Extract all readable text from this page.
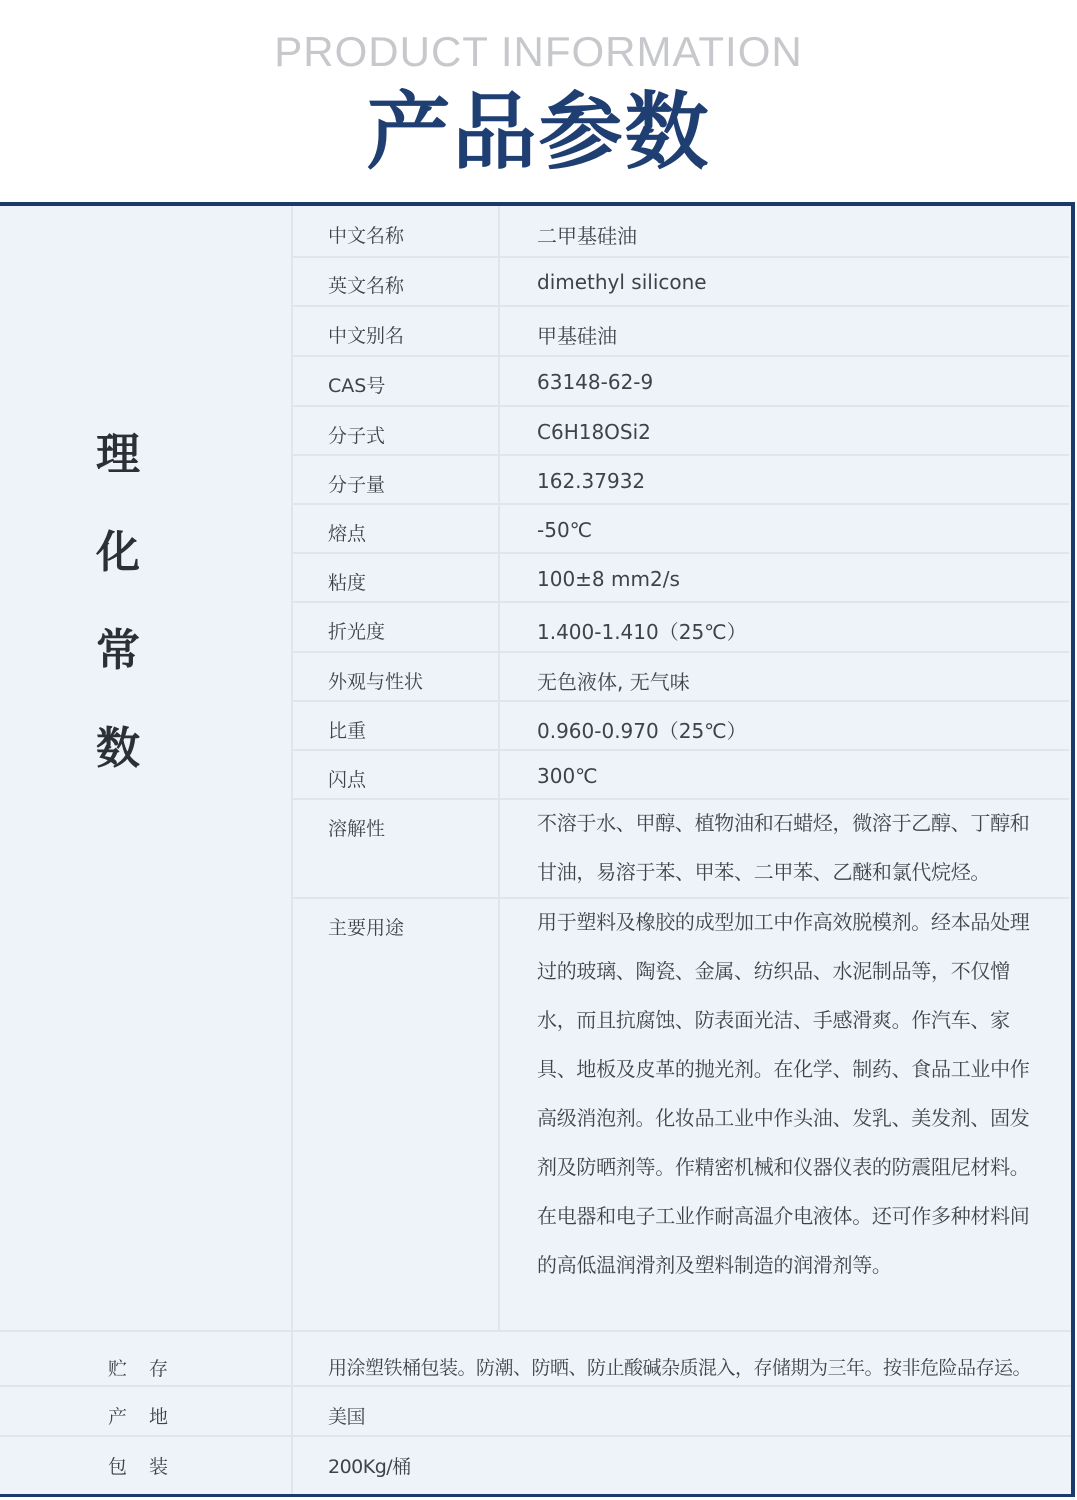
PRODUCT INFORMATION
产品参数
理
化
常
数
中文名称	二甲基硅油
英文名称	dimethyl silicone
中文别名	甲基硅油
CAS号	63148-62-9
分子式	C6H18OSi2
分子量	162.37932
熔点	-50℃
粘度	100±8 mm2/s
折光度	1.400-1.410（25℃）
外观与性状	无色液体, 无气味
比重	0.960-0.970（25℃）
闪点	300℃
溶解性	不溶于水、甲醇、植物油和石蜡烃，微溶于乙醇、丁醇和甘油，易溶于苯、甲苯、二甲苯、乙醚和氯代烷烃。
主要用途	用于塑料及橡胶的成型加工中作高效脱模剂。经本品处理过的玻璃、陶瓷、金属、纺织品、水泥制品等，不仅憎水，而且抗腐蚀、防表面光洁、手感滑爽。作汽车、家具、地板及皮革的抛光剂。在化学、制药、食品工业中作高级消泡剂。化妆品工业中作头油、发乳、美发剂、固发剂及防晒剂等。作精密机械和仪器仪表的防震阻尼材料。在电器和电子工业作耐高温介电液体。还可作多种材料间的高低温润滑剂及塑料制造的润滑剂等。
贮存	用涂塑铁桶包装。防潮、防晒、防止酸碱杂质混入，存储期为三年。按非危险品存运。
产地	美国
包装	200Kg/桶
